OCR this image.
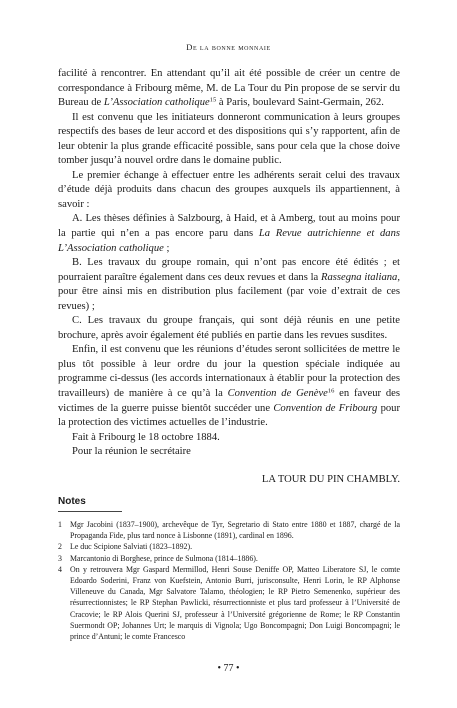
De la bonne monnaie

facilité à rencontrer. En attendant qu’il ait été possible de créer un centre de correspondance à Fribourg même, M. de La Tour du Pin propose de se servir du Bureau de L’Association catholique$^{15}$ à Paris, boulevard Saint-Germain, 262.

Il est convenu que les initiateurs donneront communication à leurs groupes respectifs des bases de leur accord et des dispositions qui s’y rapportent, afin de leur obtenir la plus grande efficacité possible, sans pour cela que la chose doive tomber jusqu’à nouvel ordre dans le domaine public.

Le premier échange à effectuer entre les adhérents serait celui des travaux d’étude déjà produits dans chacun des groupes auxquels ils appartiennent, à savoir :

A. Les thèses définies à Salzbourg, à Haid, et à Amberg, tout au moins pour la partie qui n’en a pas encore paru dans La Revue autrichienne et dans L’Association catholique ;

B. Les travaux du groupe romain, qui n’ont pas encore été édités ; et pourraient paraître également dans ces deux revues et dans la Rassegna italiana, pour être ainsi mis en distribution plus facilement (par voie d’extrait de ces revues) ;

C. Les travaux du groupe français, qui sont déjà réunis en une petite brochure, après avoir également été publiés en partie dans les revues susdites.

Enfin, il est convenu que les réunions d’études seront sollicitées de mettre le plus tôt possible à leur ordre du jour la question spéciale indiquée au programme ci-dessus (les accords internationaux à établir pour la protection des travailleurs) de manière à ce qu’à la Convention de Genève$^{16}$ en faveur des victimes de la guerre puisse bientôt succéder une Convention de Fribourg pour la protection des victimes actuelles de l’industrie.

Fait à Fribourg le 18 octobre 1884.

Pour la réunion le secrétaire

LA TOUR DU PIN CHAMBLY.

Notes
1	Mgr Jacobini (1837–1900), archevêque de Tyr, Segretario di Stato entre 1880 et 1887, chargé de la Propaganda Fide, plus tard nonce à Lisbonne (1891), cardinal en 1896.
2	Le duc Scipione Salviati (1823–1892).
3	Marcantonio di Borghese, prince de Sulmona (1814–1886).
4	On y retrouvera Mgr Gaspard Mermillod, Henri Souse Deniffe OP, Matteo Liberatore SJ, le comte Edoardo Soderini, Franz von Kuefstein, Antonio Burri, jurisconsulte, Henri Lorin, le RP Alphonse Villeneuve du Canada, Mgr Salvatore Talamo, théologien; le RP Pietro Semenenko, supérieur des résurrectionnistes; le RP Stephan Pawlicki, résurrectionniste et plus tard professeur à l’Université de Cracovie; le RP Alois Querini SJ, professeur à l’Université grégorienne de Rome; le RP Constantin Suermondt OP; Johannes Urt; le marquis di Vignola; Ugo Boncompagni; Don Luigi Boncompagni; le prince d’Antuni; le comte Francesco
• 77 •
